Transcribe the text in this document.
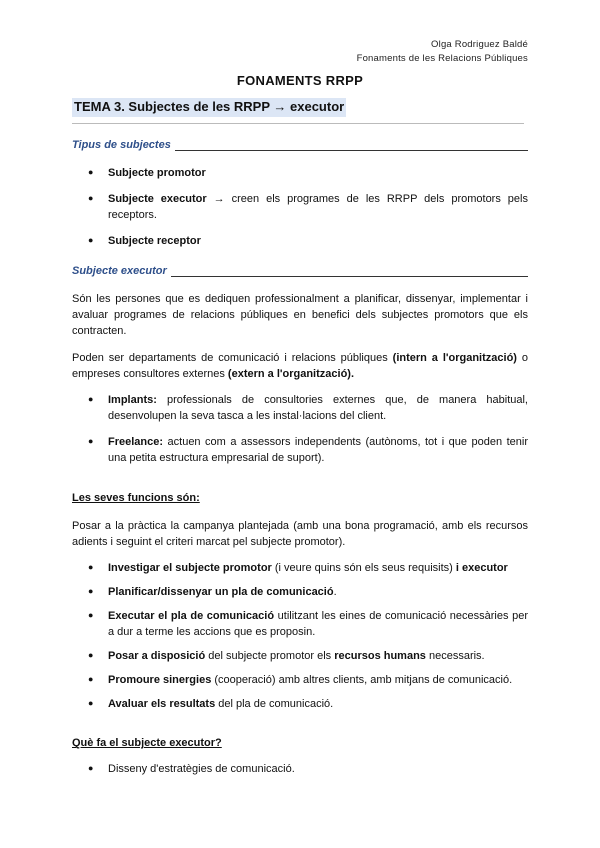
Olga Rodriguez Baldé
Fonaments de les Relacions Públiques
FONAMENTS RRPP
TEMA 3. Subjectes de les RRPP → executor
Tipus de subjectes
● Subjecte promotor
● Subjecte executor → creen els programes de les RRPP dels promotors pels receptors.
● Subjecte receptor
Subjecte executor

Són les persones que es dediquen professionalment a planificar, dissenyar, implementar i avaluar programes de relacions públiques en benefici dels subjectes promotors que els contracten.

Poden ser departaments de comunicació i relacions públiques (intern a l'organització) o empreses consultores externes (extern a l'organització).

● Implants: professionals de consultories externes que, de manera habitual, desenvolupen la seva tasca a les instal·lacions del client.
● Freelance: actuen com a assessors independents (autònoms, tot i que poden tenir una petita estructura empresarial de suport).
Les seves funcions són:

Posar a la pràctica la campanya plantejada (amb una bona programació, amb els recursos adients i seguint el criteri marcat pel subjecte promotor).

● Investigar el subjecte promotor (i veure quins són els seus requisits) i executor
● Planificar/dissenyar un pla de comunicació.
● Executar el pla de comunicació utilitzant les eines de comunicació necessàries per a dur a terme les accions que es proposin.
● Posar a disposició del subjecte promotor els recursos humans necessaris.
● Promoure sinergies (cooperació) amb altres clients, amb mitjans de comunicació.
● Avaluar els resultats del pla de comunicació.
Què fa el subjecte executor?
● Disseny d'estratègies de comunicació.
